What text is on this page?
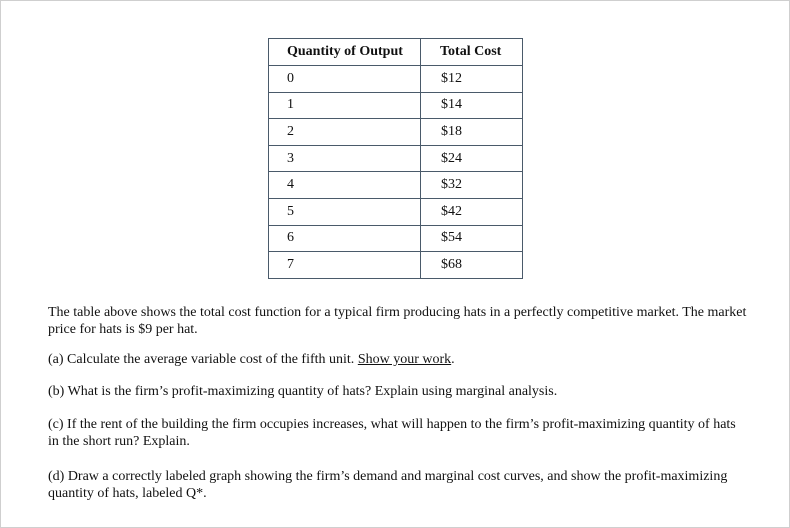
Quantity of Output	Total Cost
0	$12
1	$14
2	$18
3	$24
4	$32
5	$42
6	$54
7	$68

The table above shows the total cost function for a typical firm producing hats in a perfectly competitive market. The market price for hats is $9 per hat.

(a) Calculate the average variable cost of the fifth unit. Show your work.

(b) What is the firm’s profit-maximizing quantity of hats? Explain using marginal analysis.

(c) If the rent of the building the firm occupies increases, what will happen to the firm’s profit-maximizing quantity of hats in the short run? Explain.

(d) Draw a correctly labeled graph showing the firm’s demand and marginal cost curves, and show the profit-maximizing quantity of hats, labeled Q*.
